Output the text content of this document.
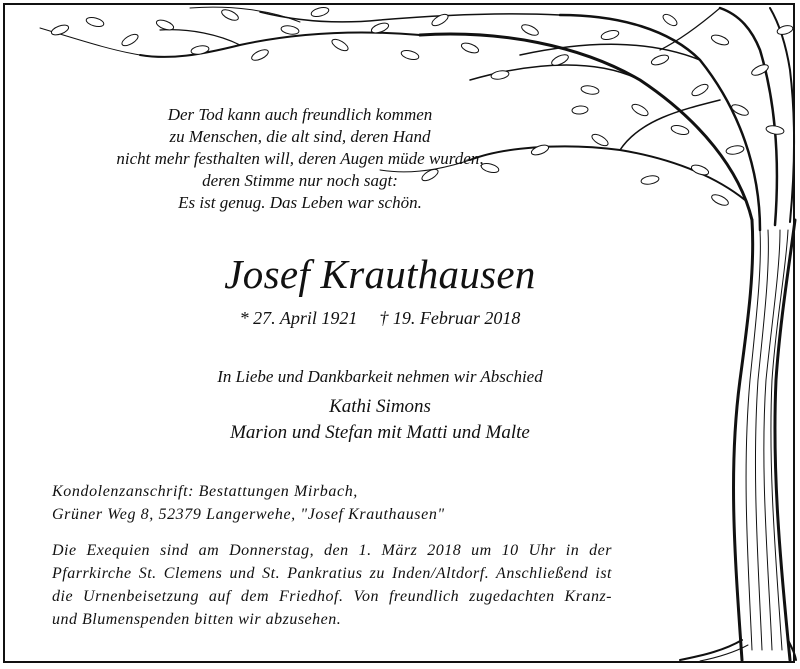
Der Tod kann auch freundlich kommen
zu Menschen, die alt sind, deren Hand
nicht mehr festhalten will, deren Augen müde wurden,
deren Stimme nur noch sagt:
Es ist genug. Das Leben war schön.
Josef Krauthausen
* 27. April 1921 † 19. Februar 2018
In Liebe und Dankbarkeit nehmen wir Abschied
Kathi Simons
Marion und Stefan mit Matti und Malte
Kondolenzanschrift: Bestattungen Mirbach,
Grüner Weg 8, 52379 Langerwehe, "Josef Krauthausen"
Die Exequien sind am Donnerstag, den 1. März 2018 um 10 Uhr in der
Pfarrkirche St. Clemens und St. Pankratius zu Inden/Altdorf. Anschließend ist
die Urnenbeisetzung auf dem Friedhof. Von freundlich zugedachten Kranz-
und Blumenspenden bitten wir abzusehen.
